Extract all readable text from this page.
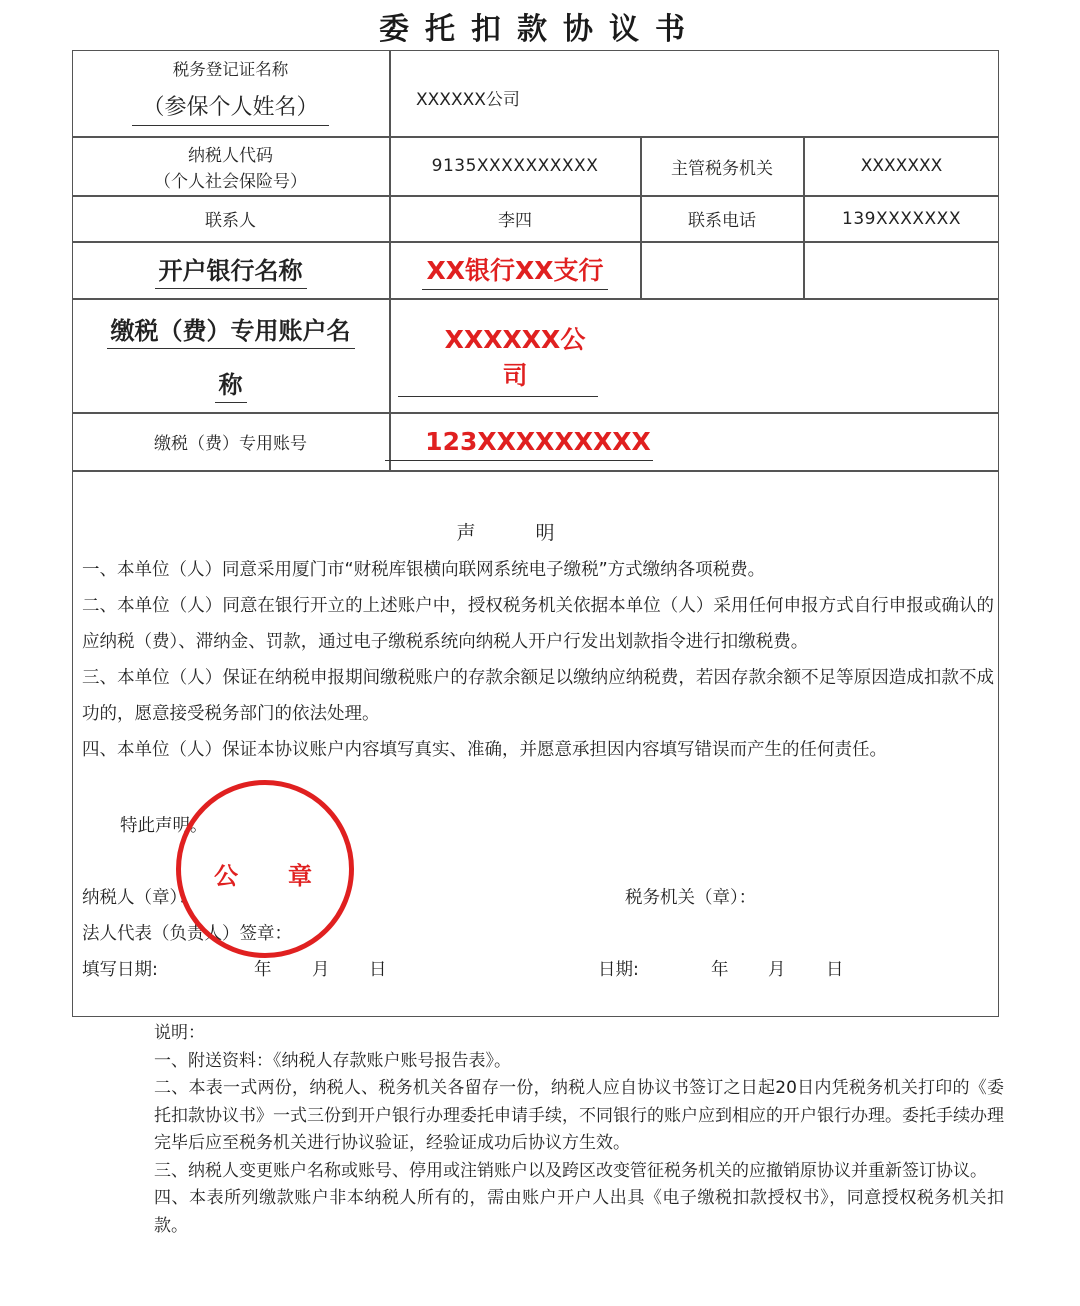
委托扣款协议书
税务登记证名称
（参保个人姓名）	XXXXXX公司
纳税人代码
（个人社会保险号）
9135XXXXXXXXXX	主管税务机关	XXXXXXX
联系人	李四	联系电话	139XXXXXXX
开户银行名称	XX银行XX支行
缴税（费）专用账户名
称
XXXXXX公司
缴税（费）专用账号	123XXXXXXXXX
声明
一、本单位（人）同意采用厦门市“财税库银横向联网系统电子缴税”方式缴纳各项税费。
二、本单位（人）同意在银行开立的上述账户中，授权税务机关依据本单位（人）采用任何申报方式自行申报或确认的应纳税（费）、滞纳金、罚款，通过电子缴税系统向纳税人开户行发出划款指令进行扣缴税费。
三、本单位（人）保证在纳税申报期间缴税账户的存款余额足以缴纳应纳税费，若因存款余额不足等原因造成扣款不成功的，愿意接受税务部门的依法处理。
四、本单位（人）保证本协议账户内容填写真实、准确，并愿意承担因内容填写错误而产生的任何责任。
特此声明。
纳税人（章）：	税务机关（章）：
法人代表（负责人）签章：
填写日期:	年 月 日	日期:	年 月 日
公章
说明：
一、附送资料：《纳税人存款账户账号报告表》。
二、本表一式两份，纳税人、税务机关各留存一份，纳税人应自协议书签订之日起20日内凭税务机关打印的《委托扣款协议书》一式三份到开户银行办理委托申请手续，不同银行的账户应到相应的开户银行办理。委托手续办理完毕后应至税务机关进行协议验证，经验证成功后协议方生效。
三、纳税人变更账户名称或账号、停用或注销账户以及跨区改变管征税务机关的应撤销原协议并重新签订协议。
四、本表所列缴款账户非本纳税人所有的，需由账户开户人出具《电子缴税扣款授权书》，同意授权税务机关扣款。
